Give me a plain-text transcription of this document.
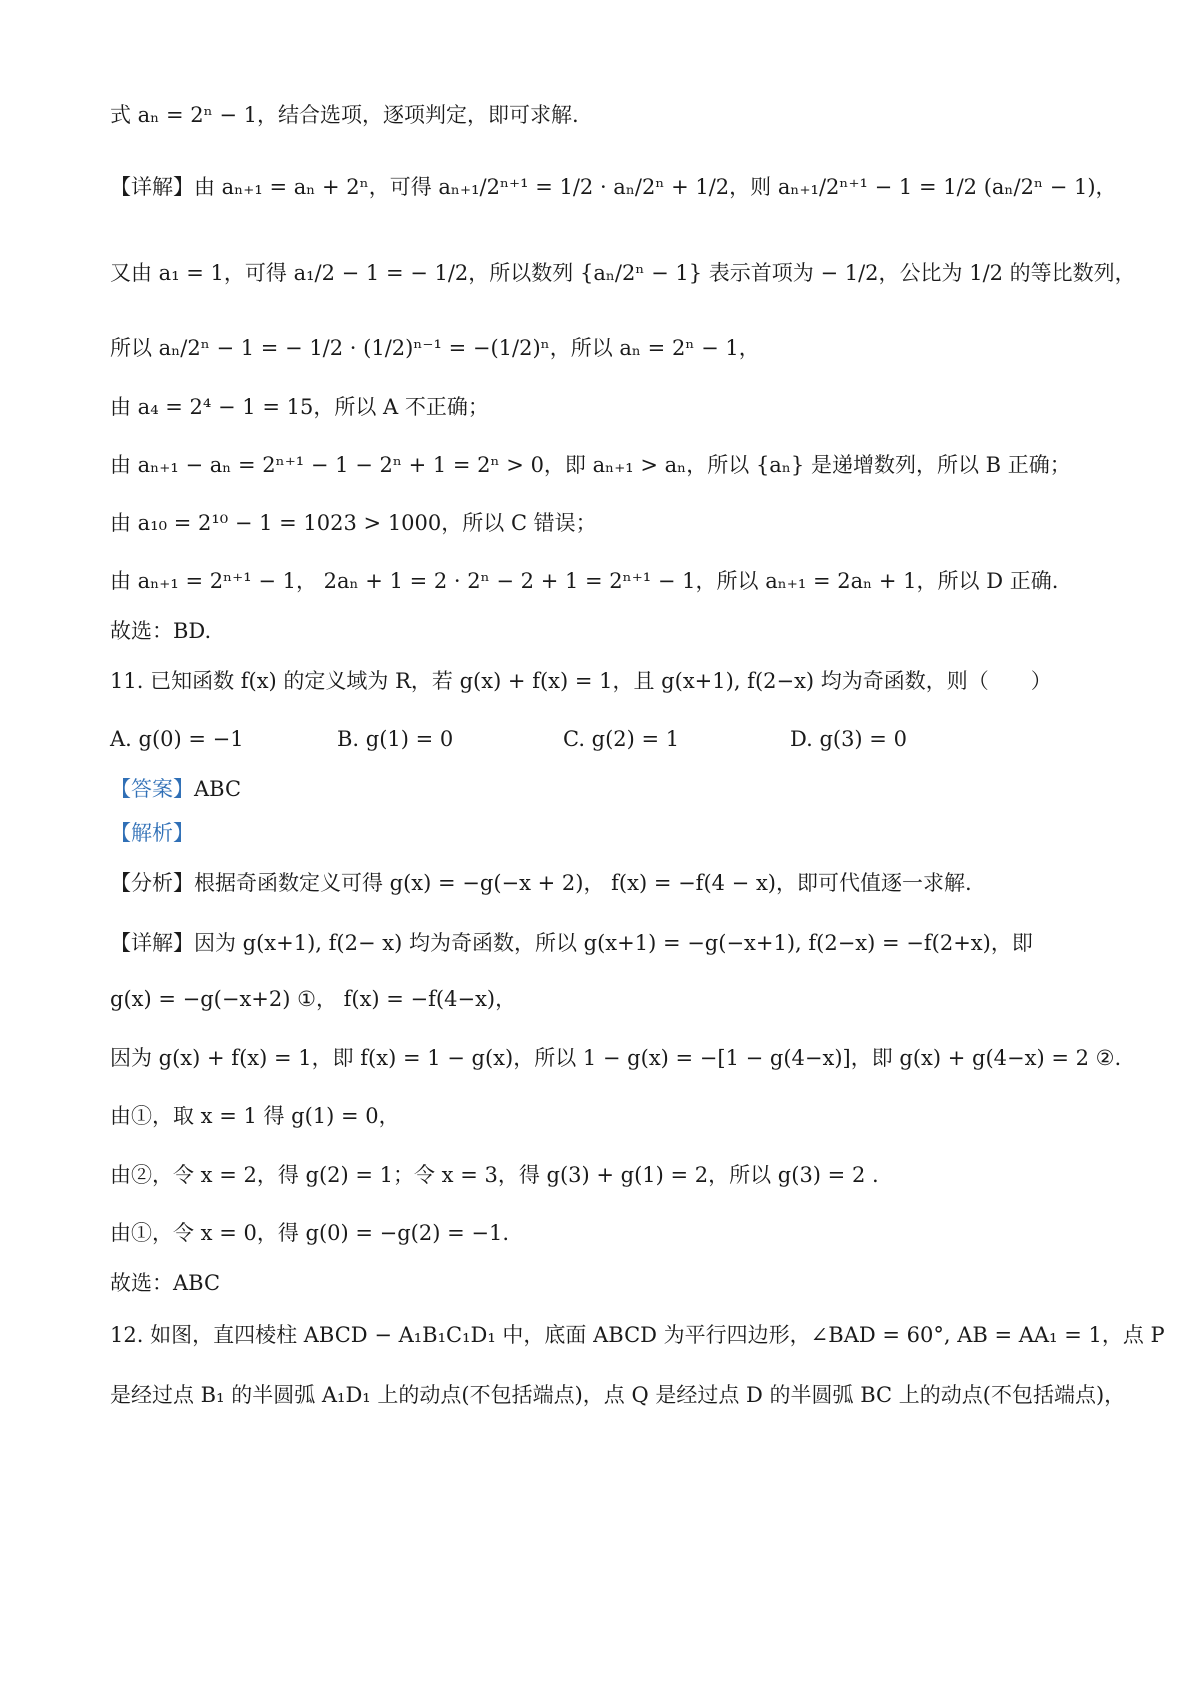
式 aₙ = 2ⁿ − 1，结合选项，逐项判定，即可求解.
【详解】由 aₙ₊₁ = aₙ + 2ⁿ，可得 aₙ₊₁/2ⁿ⁺¹ = 1/2 · aₙ/2ⁿ + 1/2，则 aₙ₊₁/2ⁿ⁺¹ − 1 = 1/2 (aₙ/2ⁿ − 1)，
又由 a₁ = 1，可得 a₁/2 − 1 = − 1/2，所以数列 {aₙ/2ⁿ − 1} 表示首项为 − 1/2，公比为 1/2 的等比数列，
所以 aₙ/2ⁿ − 1 = − 1/2 · (1/2)ⁿ⁻¹ = −(1/2)ⁿ，所以 aₙ = 2ⁿ − 1，
由 a₄ = 2⁴ − 1 = 15，所以 A 不正确；
由 aₙ₊₁ − aₙ = 2ⁿ⁺¹ − 1 − 2ⁿ + 1 = 2ⁿ > 0，即 aₙ₊₁ > aₙ，所以 {aₙ} 是递增数列，所以 B 正确；
由 a₁₀ = 2¹⁰ − 1 = 1023 > 1000，所以 C 错误；
由 aₙ₊₁ = 2ⁿ⁺¹ − 1， 2aₙ + 1 = 2 · 2ⁿ − 2 + 1 = 2ⁿ⁺¹ − 1，所以 aₙ₊₁ = 2aₙ + 1，所以 D 正确.
故选：BD.
11. 已知函数 f(x) 的定义域为 R，若 g(x) + f(x) = 1，且 g(x+1), f(2−x) 均为奇函数，则（　　）
A. g(0) = −1	B. g(1) = 0	C. g(2) = 1	D. g(3) = 0
【答案】ABC
【解析】
【分析】根据奇函数定义可得 g(x) = −g(−x + 2)， f(x) = −f(4 − x)，即可代值逐一求解.
【详解】因为 g(x+1), f(2− x) 均为奇函数，所以 g(x+1) = −g(−x+1), f(2−x) = −f(2+x)，即
g(x) = −g(−x+2) ①， f(x) = −f(4−x)，
因为 g(x) + f(x) = 1，即 f(x) = 1 − g(x)，所以 1 − g(x) = −[1 − g(4−x)]，即 g(x) + g(4−x) = 2 ②.
由①，取 x = 1 得 g(1) = 0，
由②，令 x = 2，得 g(2) = 1；令 x = 3，得 g(3) + g(1) = 2，所以 g(3) = 2 .
由①，令 x = 0，得 g(0) = −g(2) = −1.
故选：ABC
12. 如图，直四棱柱 ABCD − A₁B₁C₁D₁ 中，底面 ABCD 为平行四边形，∠BAD = 60°, AB = AA₁ = 1，点 P
是经过点 B₁ 的半圆弧 A₁D₁ 上的动点(不包括端点)，点 Q 是经过点 D 的半圆弧 BC 上的动点(不包括端点)，
